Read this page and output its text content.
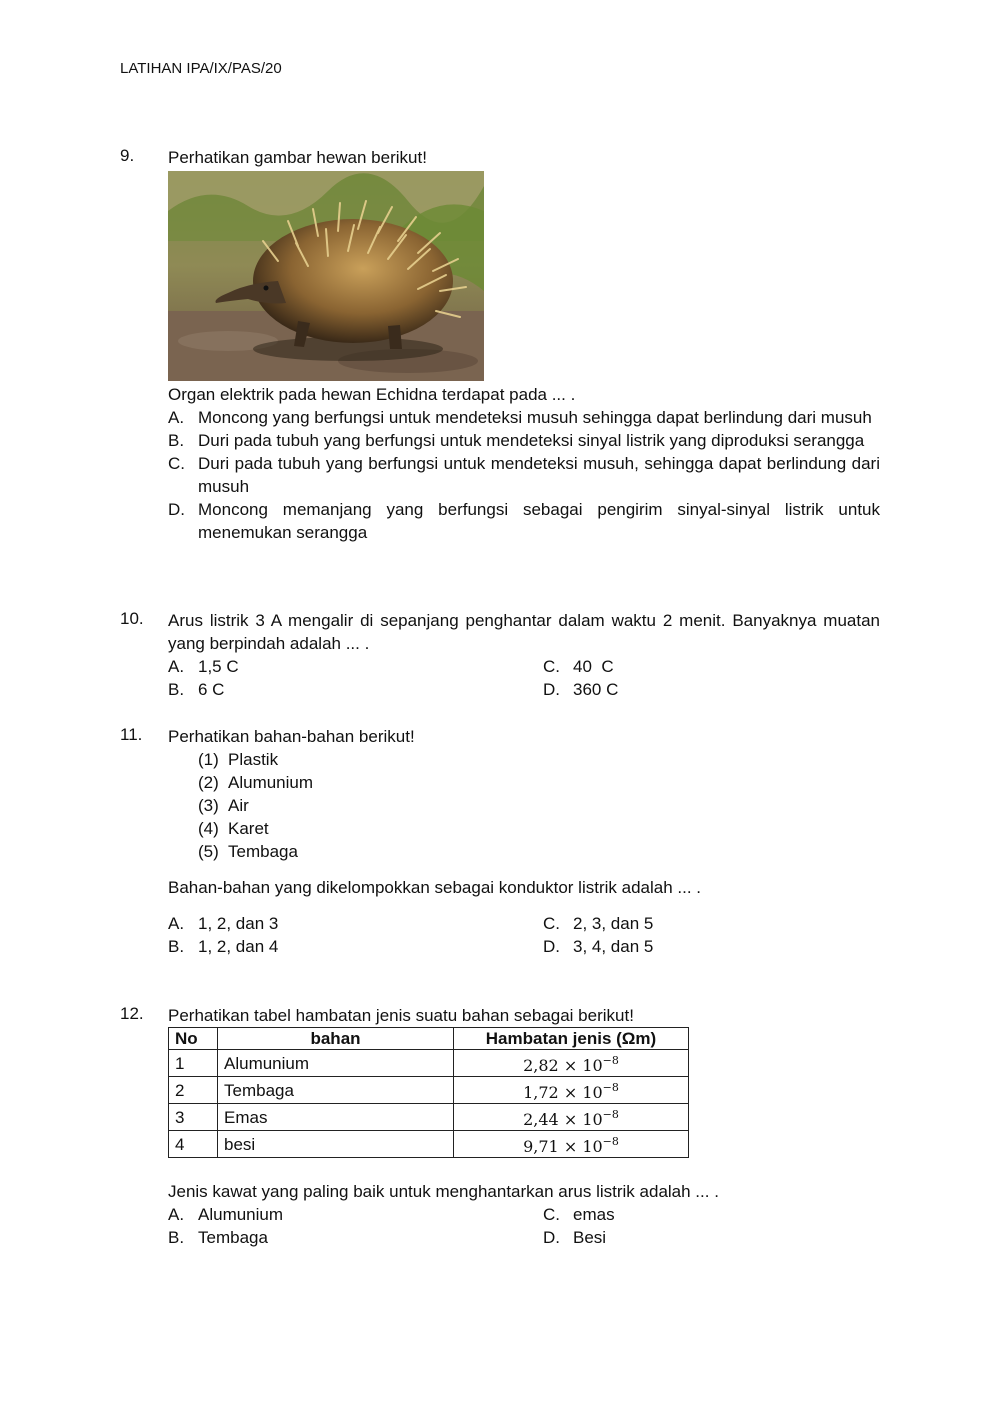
LATIHAN IPA/IX/PAS/20
9.	Perhatikan gambar hewan berikut!

Organ elektrik pada hewan Echidna terdapat pada ... .

A. Moncong yang berfungsi untuk mendeteksi musuh sehingga dapat berlindung dari musuh
B. Duri pada tubuh yang berfungsi untuk mendeteksi sinyal listrik yang diproduksi serangga
C. Duri pada tubuh yang berfungsi untuk mendeteksi musuh, sehingga dapat berlindung dari musuh
D. Moncong memanjang yang berfungsi sebagai pengirim sinyal-sinyal listrik untuk menemukan serangga
10.	Arus listrik 3 A mengalir di sepanjang penghantar dalam waktu 2 menit. Banyaknya muatan yang berpindah adalah ... .

A. 1,5 C	C. 40  C
B. 6 C	D. 360 C
11.	Perhatikan bahan-bahan berikut!

(1) Plastik
(2) Alumunium
(3) Air
(4) Karet
(5) Tembaga

Bahan-bahan yang dikelompokkan sebagai konduktor listrik adalah ... .

A. 1, 2, dan 3	C. 2, 3, dan 5
B. 1, 2, dan 4	D. 3, 4, dan 5
12.	Perhatikan tabel hambatan jenis suatu bahan sebagai berikut!

No	bahan	Hambatan jenis (Ωm)
1	Alumunium	$2,82 \times 10^{-8}$
2	Tembaga	$1,72 \times 10^{-8}$
3	Emas	$2,44 \times 10^{-8}$
4	besi	$9,71 \times 10^{-8}$

Jenis kawat yang paling baik untuk menghantarkan arus listrik adalah ... .

A. Alumunium	C. emas
B. Tembaga	D. Besi
